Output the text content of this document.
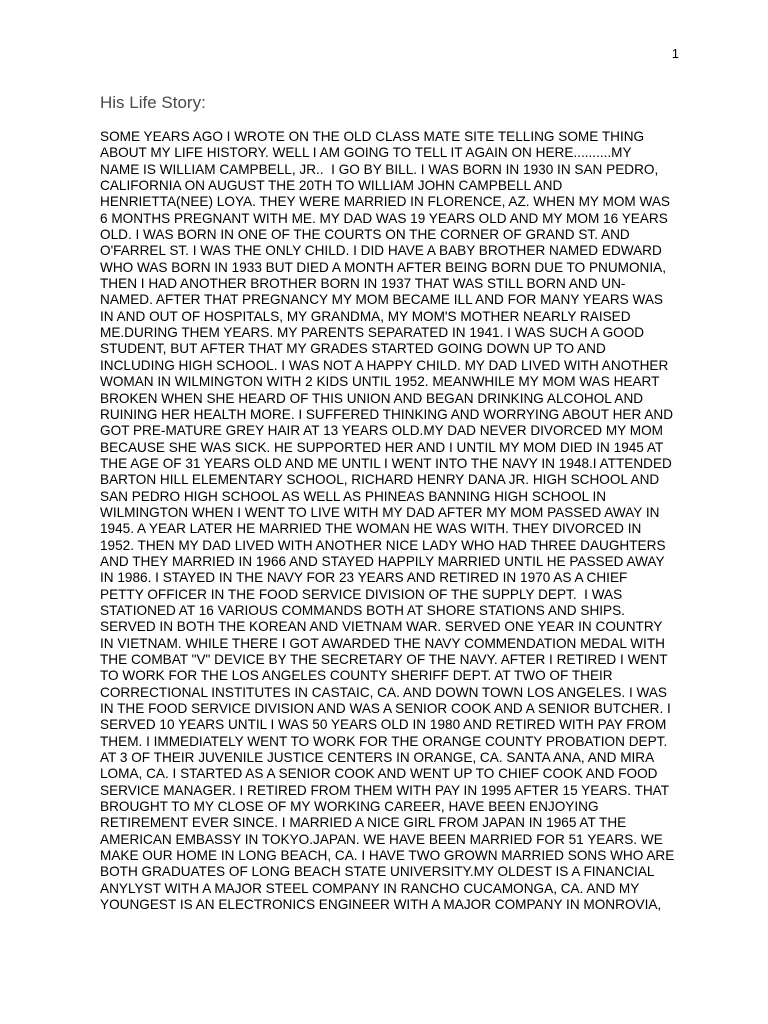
1
His Life Story:
SOME YEARS AGO I WROTE ON THE OLD CLASS MATE SITE TELLING SOME THING
ABOUT MY LIFE HISTORY. WELL I AM GOING TO TELL IT AGAIN ON HERE..........MY
NAME IS WILLIAM CAMPBELL, JR..  I GO BY BILL. I WAS BORN IN 1930 IN SAN PEDRO,
CALIFORNIA ON AUGUST THE 20TH TO WILLIAM JOHN CAMPBELL AND
HENRIETTA(NEE) LOYA. THEY WERE MARRIED IN FLORENCE, AZ. WHEN MY MOM WAS
6 MONTHS PREGNANT WITH ME. MY DAD WAS 19 YEARS OLD AND MY MOM 16 YEARS
OLD. I WAS BORN IN ONE OF THE COURTS ON THE CORNER OF GRAND ST. AND
O'FARREL ST. I WAS THE ONLY CHILD. I DID HAVE A BABY BROTHER NAMED EDWARD
WHO WAS BORN IN 1933 BUT DIED A MONTH AFTER BEING BORN DUE TO PNUMONIA,
THEN I HAD ANOTHER BROTHER BORN IN 1937 THAT WAS STILL BORN AND UN-
NAMED. AFTER THAT PREGNANCY MY MOM BECAME ILL AND FOR MANY YEARS WAS
IN AND OUT OF HOSPITALS, MY GRANDMA, MY MOM'S MOTHER NEARLY RAISED
ME.DURING THEM YEARS. MY PARENTS SEPARATED IN 1941. I WAS SUCH A GOOD
STUDENT, BUT AFTER THAT MY GRADES STARTED GOING DOWN UP TO AND
INCLUDING HIGH SCHOOL. I WAS NOT A HAPPY CHILD. MY DAD LIVED WITH ANOTHER
WOMAN IN WILMINGTON WITH 2 KIDS UNTIL 1952. MEANWHILE MY MOM WAS HEART
BROKEN WHEN SHE HEARD OF THIS UNION AND BEGAN DRINKING ALCOHOL AND
RUINING HER HEALTH MORE. I SUFFERED THINKING AND WORRYING ABOUT HER AND
GOT PRE-MATURE GREY HAIR AT 13 YEARS OLD.MY DAD NEVER DIVORCED MY MOM
BECAUSE SHE WAS SICK. HE SUPPORTED HER AND I UNTIL MY MOM DIED IN 1945 AT
THE AGE OF 31 YEARS OLD AND ME UNTIL I WENT INTO THE NAVY IN 1948.I ATTENDED
BARTON HILL ELEMENTARY SCHOOL, RICHARD HENRY DANA JR. HIGH SCHOOL AND
SAN PEDRO HIGH SCHOOL AS WELL AS PHINEAS BANNING HIGH SCHOOL IN
WILMINGTON WHEN I WENT TO LIVE WITH MY DAD AFTER MY MOM PASSED AWAY IN
1945. A YEAR LATER HE MARRIED THE WOMAN HE WAS WITH. THEY DIVORCED IN
1952. THEN MY DAD LIVED WITH ANOTHER NICE LADY WHO HAD THREE DAUGHTERS
AND THEY MARRIED IN 1966 AND STAYED HAPPILY MARRIED UNTIL HE PASSED AWAY
IN 1986. I STAYED IN THE NAVY FOR 23 YEARS AND RETIRED IN 1970 AS A CHIEF
PETTY OFFICER IN THE FOOD SERVICE DIVISION OF THE SUPPLY DEPT.  I WAS
STATIONED AT 16 VARIOUS COMMANDS BOTH AT SHORE STATIONS AND SHIPS.
SERVED IN BOTH THE KOREAN AND VIETNAM WAR. SERVED ONE YEAR IN COUNTRY
IN VIETNAM. WHILE THERE I GOT AWARDED THE NAVY COMMENDATION MEDAL WITH
THE COMBAT "V" DEVICE BY THE SECRETARY OF THE NAVY. AFTER I RETIRED I WENT
TO WORK FOR THE LOS ANGELES COUNTY SHERIFF DEPT. AT TWO OF THEIR
CORRECTIONAL INSTITUTES IN CASTAIC, CA. AND DOWN TOWN LOS ANGELES. I WAS
IN THE FOOD SERVICE DIVISION AND WAS A SENIOR COOK AND A SENIOR BUTCHER. I
SERVED 10 YEARS UNTIL I WAS 50 YEARS OLD IN 1980 AND RETIRED WITH PAY FROM
THEM. I IMMEDIATELY WENT TO WORK FOR THE ORANGE COUNTY PROBATION DEPT.
AT 3 OF THEIR JUVENILE JUSTICE CENTERS IN ORANGE, CA. SANTA ANA, AND MIRA
LOMA, CA. I STARTED AS A SENIOR COOK AND WENT UP TO CHIEF COOK AND FOOD
SERVICE MANAGER. I RETIRED FROM THEM WITH PAY IN 1995 AFTER 15 YEARS. THAT
BROUGHT TO MY CLOSE OF MY WORKING CAREER, HAVE BEEN ENJOYING
RETIREMENT EVER SINCE. I MARRIED A NICE GIRL FROM JAPAN IN 1965 AT THE
AMERICAN EMBASSY IN TOKYO.JAPAN. WE HAVE BEEN MARRIED FOR 51 YEARS. WE
MAKE OUR HOME IN LONG BEACH, CA. I HAVE TWO GROWN MARRIED SONS WHO ARE
BOTH GRADUATES OF LONG BEACH STATE UNIVERSITY.MY OLDEST IS A FINANCIAL
ANYLYST WITH A MAJOR STEEL COMPANY IN RANCHO CUCAMONGA, CA. AND MY
YOUNGEST IS AN ELECTRONICS ENGINEER WITH A MAJOR COMPANY IN MONROVIA,
